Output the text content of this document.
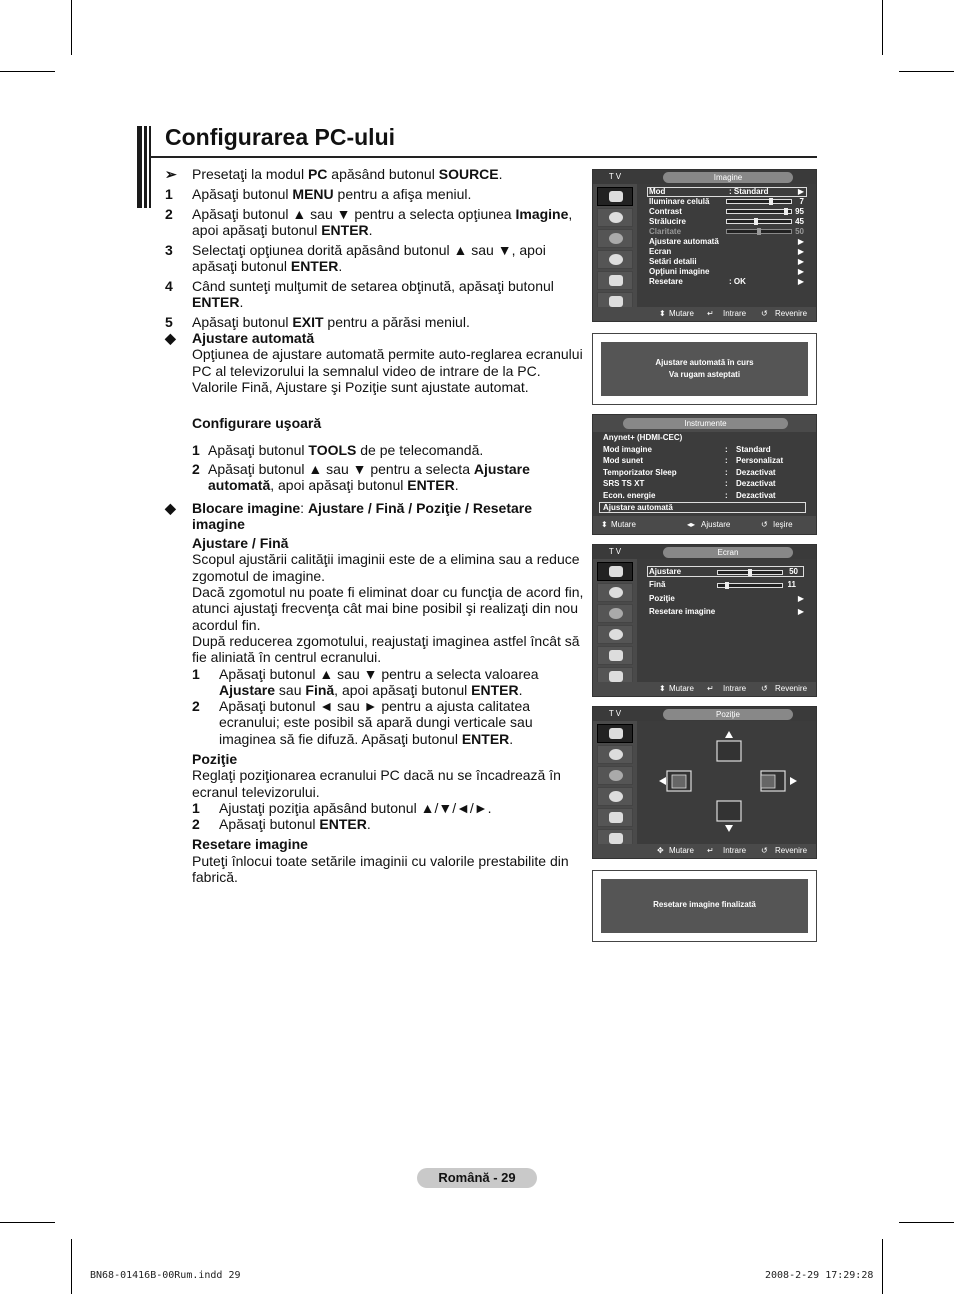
Configurarea PC-ului
➢	Presetaţi la modul PC apăsând butonul SOURCE.
1	Apăsaţi butonul MENU pentru a afişa meniul.
2	Apăsaţi butonul ▲ sau ▼ pentru a selecta opţiunea Imagine, apoi apăsaţi butonul ENTER.
3	Selectaţi opţiunea dorită apăsând butonul ▲ sau ▼, apoi apăsaţi butonul ENTER.
4	Când sunteţi mulţumit de setarea obţinută, apăsaţi butonul ENTER.
5	Apăsaţi butonul EXIT pentru a părăsi meniul.
◆	Ajustare automată
Opţiunea de ajustare automată permite auto-reglarea ecranului PC al televizorului la semnalul video de intrare de la PC. Valorile Fină, Ajustare şi Poziţie sunt ajustate automat.
Configurare uşoară
1 Apăsaţi butonul TOOLS de pe telecomandă.
2 Apăsaţi butonul ▲ sau ▼ pentru a selecta Ajustare automată, apoi apăsaţi butonul ENTER.
◆	Blocare imagine: Ajustare / Fină / Poziţie / Resetare imagine
Ajustare / Fină
Scopul ajustării calităţii imaginii este de a elimina sau a reduce zgomotul de imagine.
Dacă zgomotul nu poate fi eliminat doar cu funcţia de acord fin, atunci ajustaţi frecvenţa cât mai bine posibil şi realizaţi din nou acordul fin.
După reducerea zgomotului, reajustaţi imaginea astfel încât să fie aliniată în centrul ecranului.
1	Apăsaţi butonul ▲ sau ▼ pentru a selecta valoarea Ajustare sau Fină, apoi apăsaţi butonul ENTER.
2	Apăsaţi butonul ◄ sau ► pentru a ajusta calitatea ecranului; este posibil să apară dungi verticale sau imaginea să fie difuză. Apăsaţi butonul ENTER.
Poziţie
Reglaţi poziţionarea ecranului PC dacă nu se încadrează în ecranul televizorului.
1	Ajustaţi poziţia apăsând butonul ▲/▼/◄/►.
2	Apăsaţi butonul ENTER.
Resetare imagine
Puteţi înlocui toate setările imaginii cu valorile prestabilite din fabrică.
T V	Imagine
Mod	: Standard	▶
Iluminare celulă	7
Contrast	95
Strălucire	45
Claritate	50
Ajustare automată	▶
Ecran	▶
Setări detalii	▶
Opţiuni imagine	▶
Resetare	: OK	▶
⬍ Mutare ↵ Intrare ↺ Revenire
Ajustare automată în curs
Va rugam asteptati
Instrumente
Anynet+ (HDMI-CEC)
Mod imagine	: Standard
Mod sunet	: Personalizat
Temporizator Sleep	: Dezactivat
SRS TS XT	: Dezactivat
Econ. energie	: Dezactivat
Ajustare automată
⬍ Mutare	◂▸ Ajustare	↺ Ieşire
T V	Ecran
Ajustare	50
Fină	11
Poziţie	▶
Resetare imagine	▶
⬍ Mutare ↵ Intrare ↺ Revenire
T V	Poziţie
✥ Mutare ↵ Intrare ↺ Revenire
Resetare imagine finalizată
Română - 29
BN68-01416B-00Rum.indd 29	2008-2-29 17:29:28
